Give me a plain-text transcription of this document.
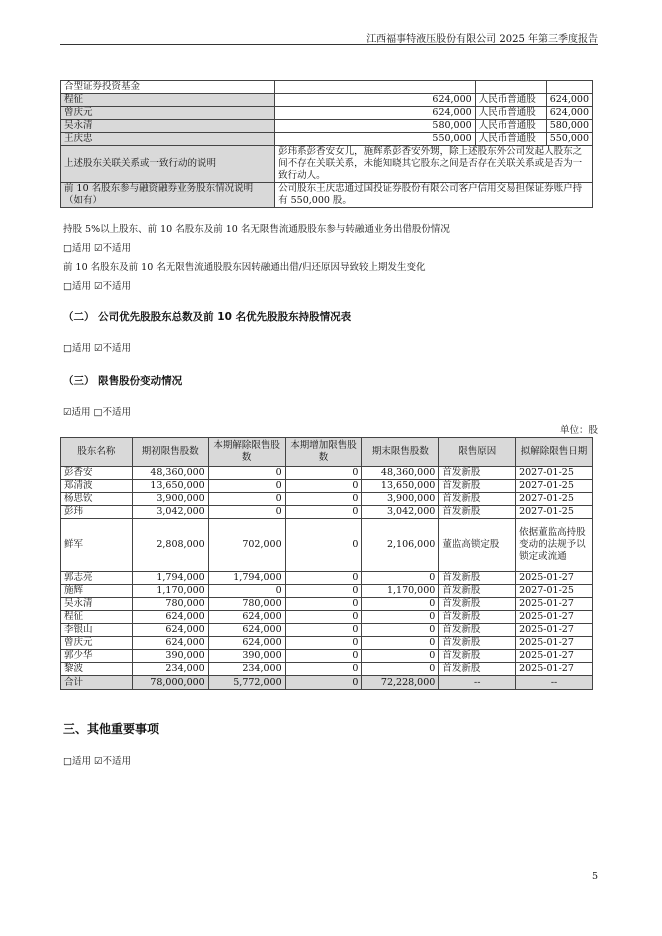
江西福事特液压股份有限公司 2025 年第三季度报告
合型证券投资基金			
程征	624,000	人民币普通股	624,000
曾庆元	624,000	人民币普通股	624,000
吴永清	580,000	人民币普通股	580,000
王庆忠	550,000	人民币普通股	550,000
上述股东关联关系或一致行动的说明	彭玮系彭香安女儿，施辉系彭香安外甥，除上述股东外公司发起人股东之间不存在关联关系，未能知晓其它股东之间是否存在关联关系或是否为一致行动人。		
前 10 名股东参与融资融券业务股东情况说明（如有）	公司股东王庆忠通过国投证券股份有限公司客户信用交易担保证券账户持有 550,000 股。		
持股 5%以上股东、前 10 名股东及前 10 名无限售流通股股东参与转融通业务出借股份情况
□适用 ☑不适用
前 10 名股东及前 10 名无限售流通股股东因转融通出借/归还原因导致较上期发生变化
□适用 ☑不适用
（二） 公司优先股股东总数及前 10 名优先股股东持股情况表
□适用 ☑不适用
（三） 限售股份变动情况
☑适用 □不适用
单位：股
股东名称	期初限售股数	本期解除限售股数	本期增加限售股数	期末限售股数	限售原因	拟解除限售日期
彭香安	48,360,000	0	0	48,360,000	首发新股	2027-01-25
郑清波	13,650,000	0	0	13,650,000	首发新股	2027-01-25
杨思钦	3,900,000	0	0	3,900,000	首发新股	2027-01-25
彭玮	3,042,000	0	0	3,042,000	首发新股	2027-01-25
鲜军	2,808,000	702,000	0	2,106,000	董监高锁定股	依据董监高持股变动的法规予以锁定或流通
郭志亮	1,794,000	1,794,000	0	0	首发新股	2025-01-27
施辉	1,170,000	0	0	1,170,000	首发新股	2027-01-25
吴永清	780,000	780,000	0	0	首发新股	2025-01-27
程征	624,000	624,000	0	0	首发新股	2025-01-27
李银山	624,000	624,000	0	0	首发新股	2025-01-27
曾庆元	624,000	624,000	0	0	首发新股	2025-01-27
郭少华	390,000	390,000	0	0	首发新股	2025-01-27
黎波	234,000	234,000	0	0	首发新股	2025-01-27
合计	78,000,000	5,772,000	0	72,228,000	--	--
三、其他重要事项
□适用 ☑不适用
5
